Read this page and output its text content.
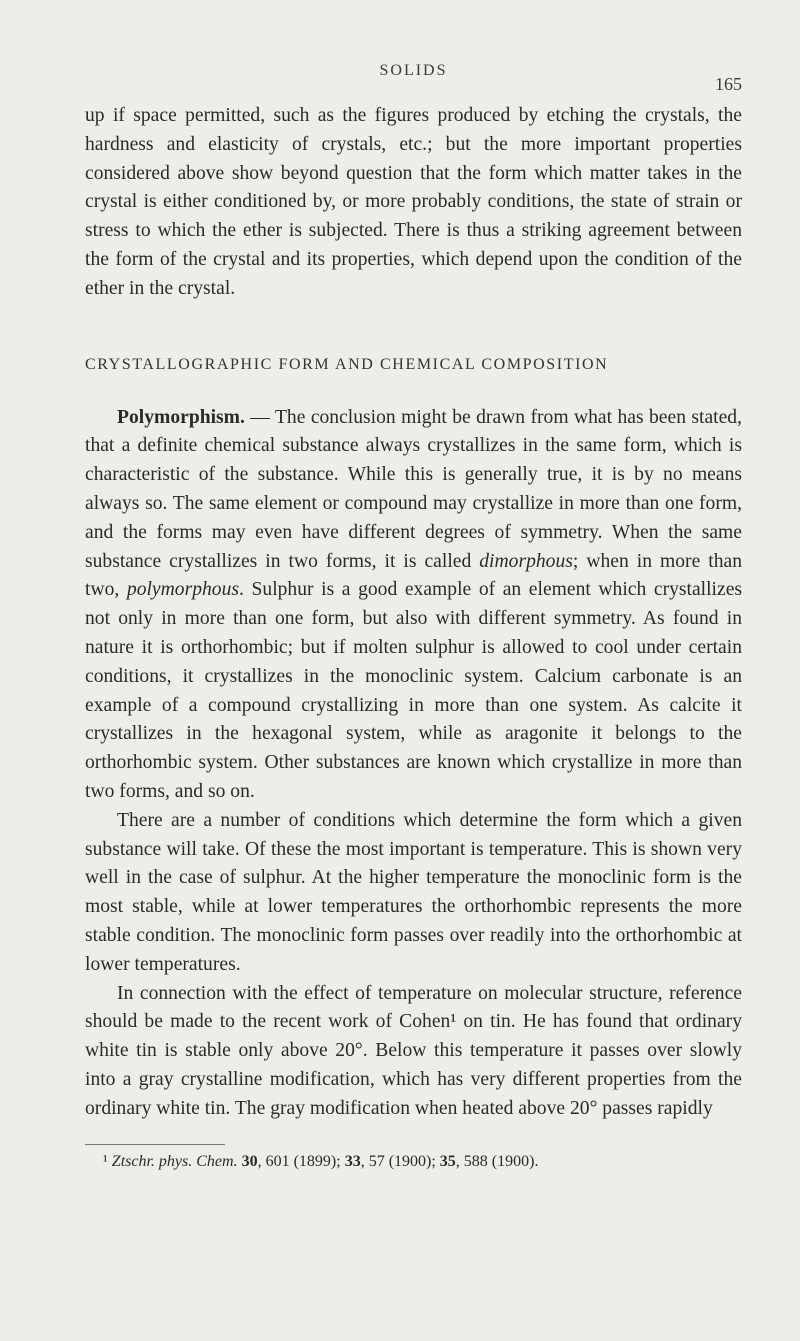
SOLIDS
165

up if space permitted, such as the figures produced by etching the crystals, the hardness and elasticity of crystals, etc.; but the more important properties considered above show beyond question that the form which matter takes in the crystal is either conditioned by, or more probably conditions, the state of strain or stress to which the ether is subjected. There is thus a striking agreement between the form of the crystal and its properties, which depend upon the condition of the ether in the crystal.

CRYSTALLOGRAPHIC FORM AND CHEMICAL COMPOSITION

Polymorphism. — The conclusion might be drawn from what has been stated, that a definite chemical substance always crystallizes in the same form, which is characteristic of the substance. While this is generally true, it is by no means always so. The same element or compound may crystallize in more than one form, and the forms may even have different degrees of symmetry. When the same substance crystallizes in two forms, it is called dimorphous; when in more than two, polymorphous. Sulphur is a good example of an element which crystallizes not only in more than one form, but also with different symmetry. As found in nature it is orthorhombic; but if molten sulphur is allowed to cool under certain conditions, it crystallizes in the monoclinic system. Calcium carbonate is an example of a compound crystallizing in more than one system. As calcite it crystallizes in the hexagonal system, while as aragonite it belongs to the orthorhombic system. Other substances are known which crystallize in more than two forms, and so on.

There are a number of conditions which determine the form which a given substance will take. Of these the most important is temperature. This is shown very well in the case of sulphur. At the higher temperature the monoclinic form is the most stable, while at lower temperatures the orthorhombic represents the more stable condition. The monoclinic form passes over readily into the orthorhombic at lower temperatures.

In connection with the effect of temperature on molecular structure, reference should be made to the recent work of Cohen¹ on tin. He has found that ordinary white tin is stable only above 20°. Below this temperature it passes over slowly into a gray crystalline modification, which has very different properties from the ordinary white tin. The gray modification when heated above 20° passes rapidly

¹ Ztschr. phys. Chem. 30, 601 (1899); 33, 57 (1900); 35, 588 (1900).
